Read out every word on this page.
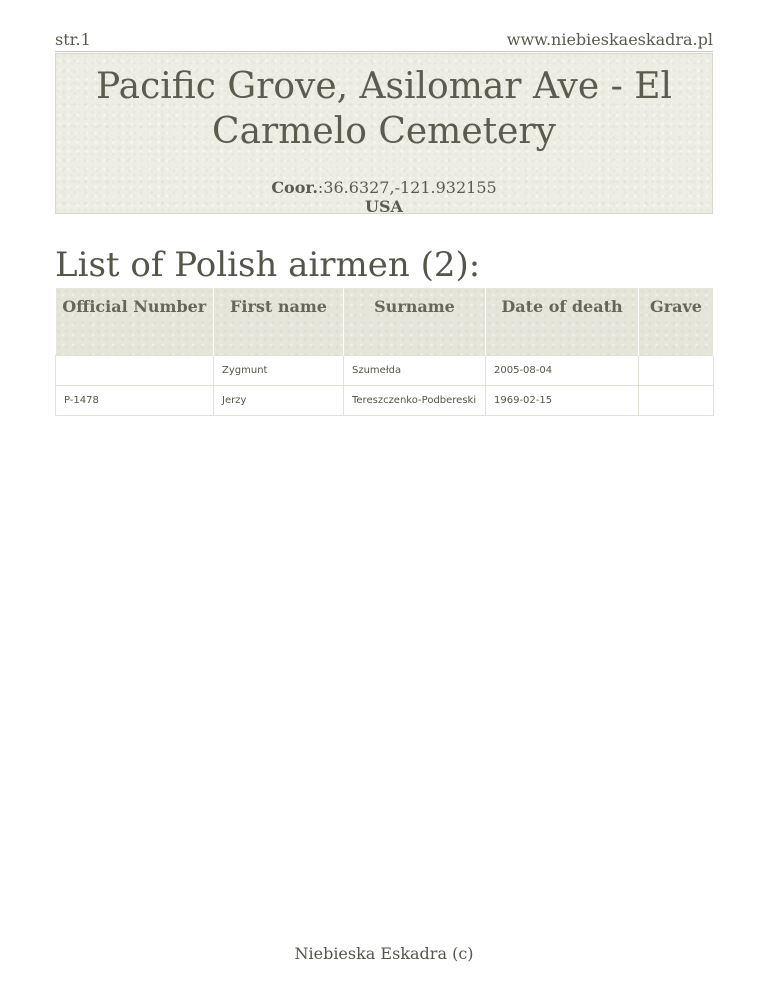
str.1	www.niebieskaeskadra.pl
Pacific Grove, Asilomar Ave - El Carmelo Cemetery
Coor.:36.6327,-121.932155
USA
List of Polish airmen (2):
Official Number	First name	Surname	Date of death	Grave
	Zygmunt	Szumełda	2005-08-04	
P-1478	Jerzy	Tereszczenko-Podbereski	1969-02-15	
Niebieska Eskadra (c)
